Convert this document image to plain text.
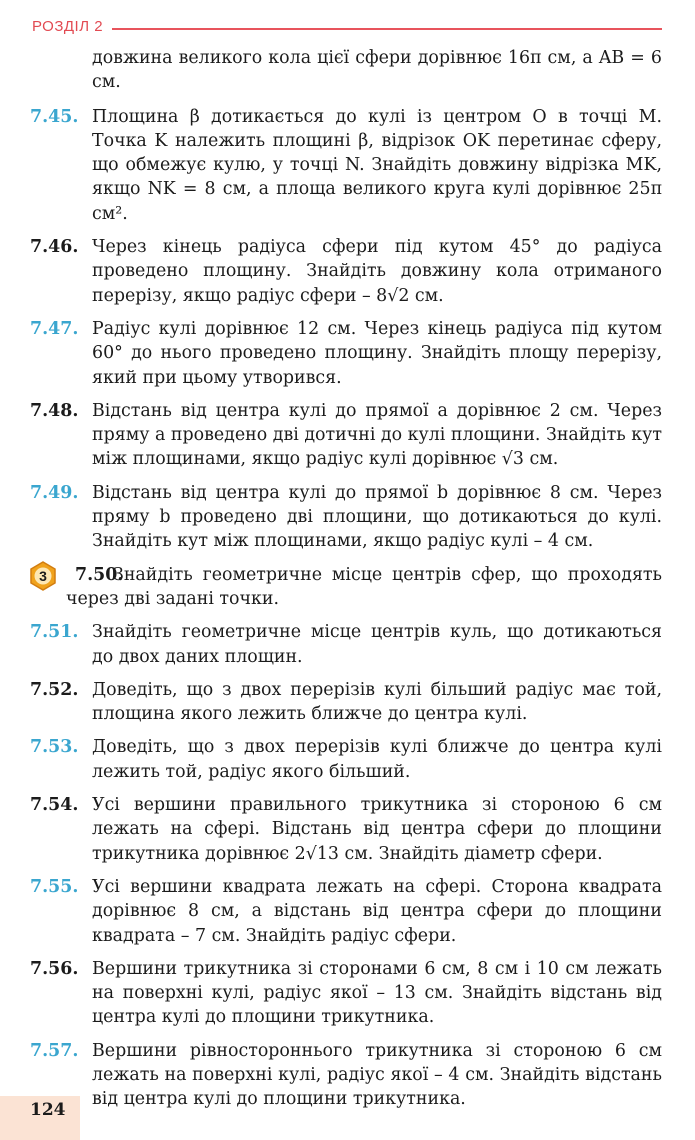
РОЗДІЛ 2
довжина великого кола цієї сфери дорівнює 16π см, а AB = 6 см.
7.45. Площина β дотикається до кулі із центром O в точці M. Точка K належить площині β, відрізок OK перетинає сферу, що обмежує кулю, у точці N. Знайдіть довжину відрізка MK, якщо NK = 8 см, а площа великого круга кулі дорівнює 25π см².
7.46. Через кінець радіуса сфери під кутом 45° до радіуса проведено площину. Знайдіть довжину кола отриманого перерізу, якщо радіус сфери – 8√2 см.
7.47. Радіус кулі дорівнює 12 см. Через кінець радіуса під кутом 60° до нього проведено площину. Знайдіть площу перерізу, який при цьому утворився.
7.48. Відстань від центра кулі до прямої a дорівнює 2 см. Через пряму a проведено дві дотичні до кулі площини. Знайдіть кут між площинами, якщо радіус кулі дорівнює √3 см.
7.49. Відстань від центра кулі до прямої b дорівнює 8 см. Через пряму b проведено дві площини, що дотикаються до кулі. Знайдіть кут між площинами, якщо радіус кулі – 4 см.
3	7.50.
Знайдіть геометричне місце центрів сфер, що проходять через дві задані точки.
7.51. Знайдіть геометричне місце центрів куль, що дотикаються до двох даних площин.
7.52. Доведіть, що з двох перерізів кулі більший радіус має той, площина якого лежить ближче до центра кулі.
7.53. Доведіть, що з двох перерізів кулі ближче до центра кулі лежить той, радіус якого більший.
7.54. Усі вершини правильного трикутника зі стороною 6 см лежать на сфері. Відстань від центра сфери до площини трикутника дорівнює 2√13 см. Знайдіть діаметр сфери.
7.55. Усі вершини квадрата лежать на сфері. Сторона квадрата дорівнює 8 см, а відстань від центра сфери до площини квадрата – 7 см. Знайдіть радіус сфери.
7.56. Вершини трикутника зі сторонами 6 см, 8 см і 10 см лежать на поверхні кулі, радіус якої – 13 см. Знайдіть відстань від центра кулі до площини трикутника.
7.57. Вершини рівностороннього трикутника зі стороною 6 см лежать на поверхні кулі, радіус якої – 4 см. Знайдіть відстань від центра кулі до площини трикутника.
124
